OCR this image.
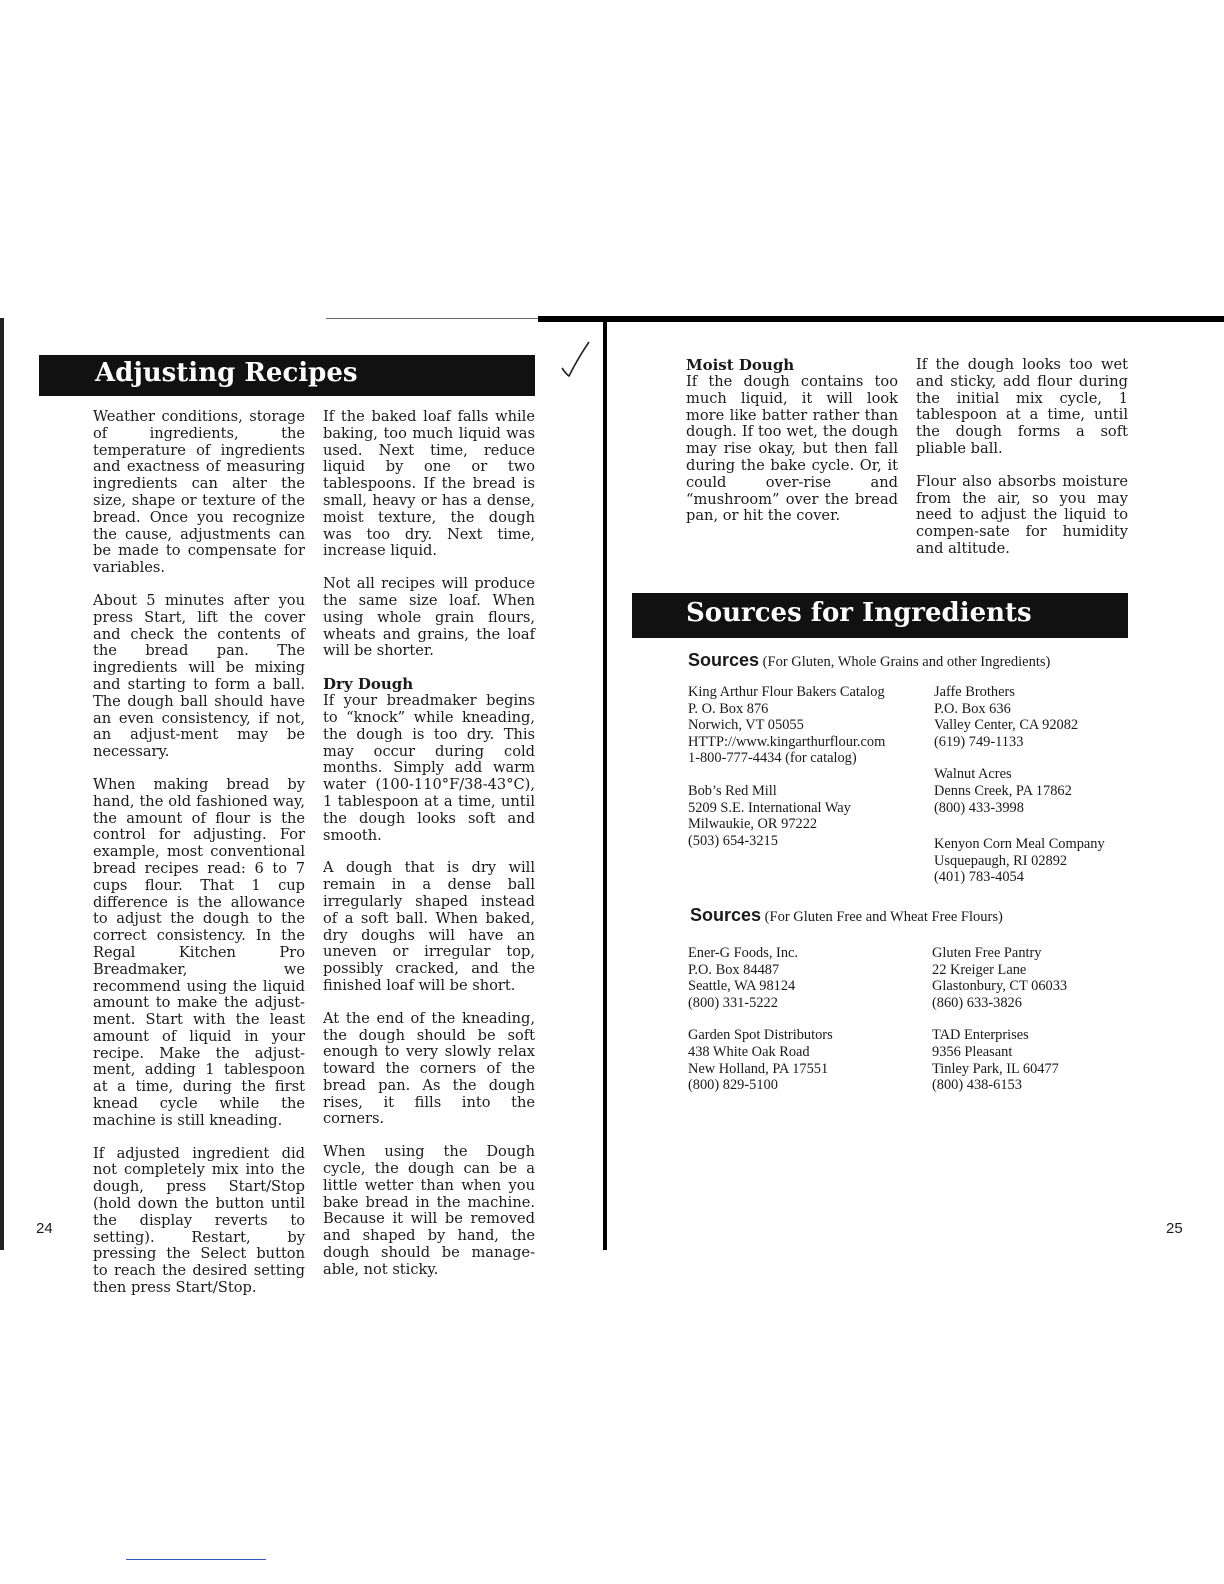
Adjusting Recipes

Weather conditions, storage of ingredients, the temperature of ingredients and exactness of measuring ingredients can alter the size, shape or texture of the bread. Once you recognize the cause, adjustments can be made to compensate for variables.

About 5 minutes after you press Start, lift the cover and check the contents of the bread pan. The ingredients will be mixing and starting to form a ball. The dough ball should have an even consistency, if not, an adjust-ment may be necessary.

When making bread by hand, the old fashioned way, the amount of flour is the control for adjusting. For example, most conventional bread recipes read: 6 to 7 cups flour. That 1 cup difference is the allowance to adjust the dough to the correct consistency. In the Regal Kitchen Pro Breadmaker, we recommend using the liquid amount to make the adjust-ment. Start with the least amount of liquid in your recipe. Make the adjust-ment, adding 1 tablespoon at a time, during the first knead cycle while the machine is still kneading.

If adjusted ingredient did not completely mix into the dough, press Start/Stop (hold down the button until the display reverts to setting). Restart, by pressing the Select button to reach the desired setting then press Start/Stop.

If the baked loaf falls while baking, too much liquid was used. Next time, reduce liquid by one or two tablespoons. If the bread is small, heavy or has a dense, moist texture, the dough was too dry. Next time, increase liquid.

Not all recipes will produce the same size loaf. When using whole grain flours, wheats and grains, the loaf will be shorter.

Dry Dough

If your breadmaker begins to “knock” while kneading, the dough is too dry. This may occur during cold months. Simply add warm water (100-110°F/38-43°C), 1 tablespoon at a time, until the dough looks soft and smooth.

A dough that is dry will remain in a dense ball irregularly shaped instead of a soft ball. When baked, dry doughs will have an uneven or irregular top, possibly cracked, and the finished loaf will be short.

At the end of the kneading, the dough should be soft enough to very slowly relax toward the corners of the bread pan. As the dough rises, it fills into the corners.

When using the Dough cycle, the dough can be a little wetter than when you bake bread in the machine. Because it will be removed and shaped by hand, the dough should be manage-able, not sticky.

24
Moist Dough

If the dough contains too much liquid, it will look more like batter rather than dough. If too wet, the dough may rise okay, but then fall during the bake cycle. Or, it could over-rise and “mushroom” over the bread pan, or hit the cover.

If the dough looks too wet and sticky, add flour during the initial mix cycle, 1 tablespoon at a time, until the dough forms a soft pliable ball.

Flour also absorbs moisture from the air, so you may need to adjust the liquid to compen-sate for humidity and altitude.

Sources for Ingredients
Sources (For Gluten, Whole Grains and other Ingredients)
King Arthur Flour Bakers Catalog
P. O. Box 876
Norwich, VT 05055
HTTP://www.kingarthurflour.com
1-800-777-4434 (for catalog)
Bob’s Red Mill
5209 S.E. International Way
Milwaukie, OR 97222
(503) 654-3215
Jaffe Brothers
P.O. Box 636
Valley Center, CA 92082
(619) 749-1133
Walnut Acres
Denns Creek, PA 17862
(800) 433-3998
Kenyon Corn Meal Company
Usquepaugh, RI 02892
(401) 783-4054
Sources (For Gluten Free and Wheat Free Flours)
Ener-G Foods, Inc.
P.O. Box 84487
Seattle, WA 98124
(800) 331-5222
Garden Spot Distributors
438 White Oak Road
New Holland, PA 17551
(800) 829-5100
Gluten Free Pantry
22 Kreiger Lane
Glastonbury, CT 06033
(860) 633-3826
TAD Enterprises
9356 Pleasant
Tinley Park, IL 60477
(800) 438-6153
25
